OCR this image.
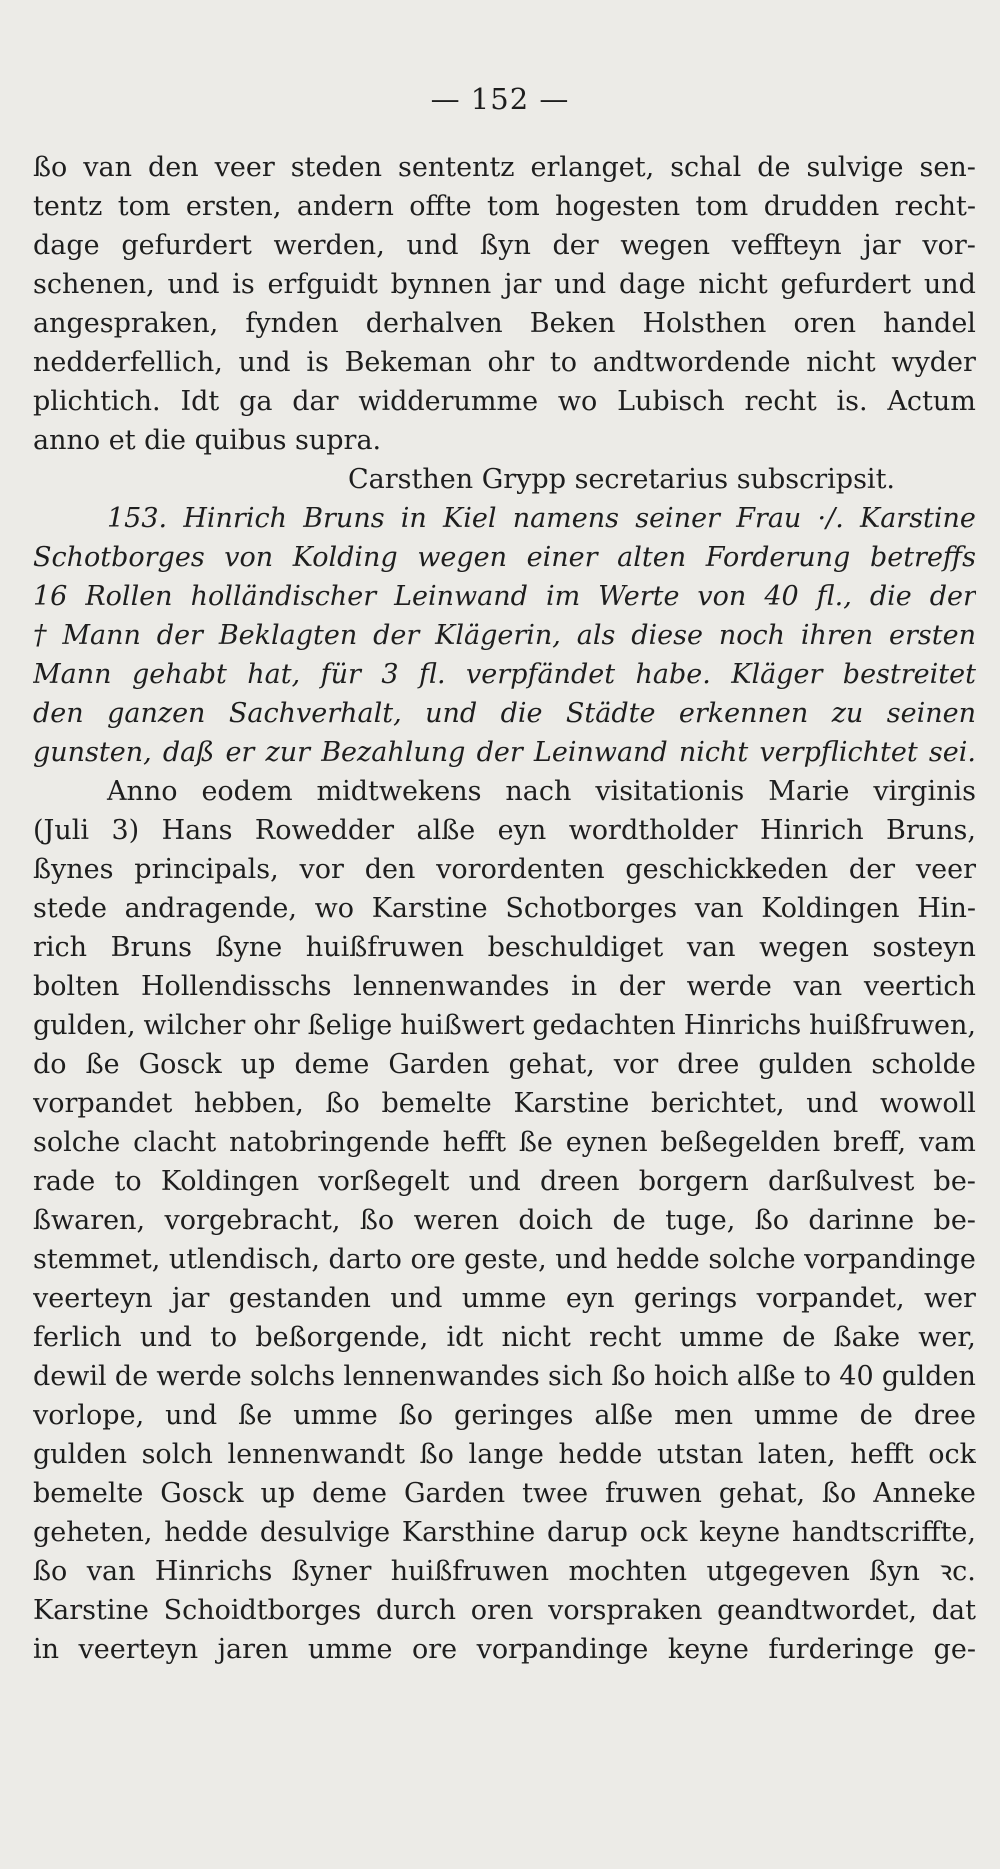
— 152 —
ßo van den veer steden sententz erlanget, schal de sulvige sen-
tentz tom ersten, andern offte tom hogesten tom drudden recht-
dage gefurdert werden, und ßyn der wegen veffteyn jar vor-
schenen, und is erfguidt bynnen jar und dage nicht gefurdert und
angespraken, fynden derhalven Beken Holsthen oren handel
nedderfellich, und is Bekeman ohr to andtwordende nicht wyder
plichtich. Idt ga dar widderumme wo Lubisch recht is. Actum
anno et die quibus supra.
Carsthen Grypp secretarius subscripsit.
153. Hinrich Bruns in Kiel namens seiner Frau ·/. Karstine
Schotborges von Kolding wegen einer alten Forderung betreffs
16 Rollen holländischer Leinwand im Werte von 40 fl., die der
† Mann der Beklagten der Klägerin, als diese noch ihren ersten
Mann gehabt hat, für 3 fl. verpfändet habe. Kläger bestreitet
den ganzen Sachverhalt, und die Städte erkennen zu seinen
gunsten, daß er zur Bezahlung der Leinwand nicht verpflichtet sei.
Anno eodem midtwekens nach visitationis Marie virginis
(Juli 3) Hans Rowedder alße eyn wordtholder Hinrich Bruns,
ßynes principals, vor den vorordenten geschickkeden der veer
stede andragende, wo Karstine Schotborges van Koldingen Hin-
rich Bruns ßyne huißfruwen beschuldiget van wegen sosteyn
bolten Hollendisschs lennenwandes in der werde van veertich
gulden, wilcher ohr ßelige huißwert gedachten Hinrichs huißfruwen,
do ße Gosck up deme Garden gehat, vor dree gulden scholde
vorpandet hebben, ßo bemelte Karstine berichtet, und wowoll
solche clacht natobringende hefft ße eynen beßegelden breff, vam
rade to Koldingen vorßegelt und dreen borgern darßulvest be-
ßwaren, vorgebracht, ßo weren doich de tuge, ßo darinne be-
stemmet, utlendisch, darto ore geste, und hedde solche vorpandinge
veerteyn jar gestanden und umme eyn gerings vorpandet, wer
ferlich und to beßorgende, idt nicht recht umme de ßake wer,
dewil de werde solchs lennenwandes sich ßo hoich alße to 40 gulden
vorlope, und ße umme ßo geringes alße men umme de dree
gulden solch lennenwandt ßo lange hedde utstan laten, hefft ock
bemelte Gosck up deme Garden twee fruwen gehat, ßo Anneke
geheten, hedde desulvige Karsthine darup ock keyne handtscriffte,
ßo van Hinrichs ßyner huißfruwen mochten utgegeven ßyn ꝛc.
Karstine Schoidtborges durch oren vorspraken geandtwordet, dat
in veerteyn jaren umme ore vorpandinge keyne furderinge ge-
